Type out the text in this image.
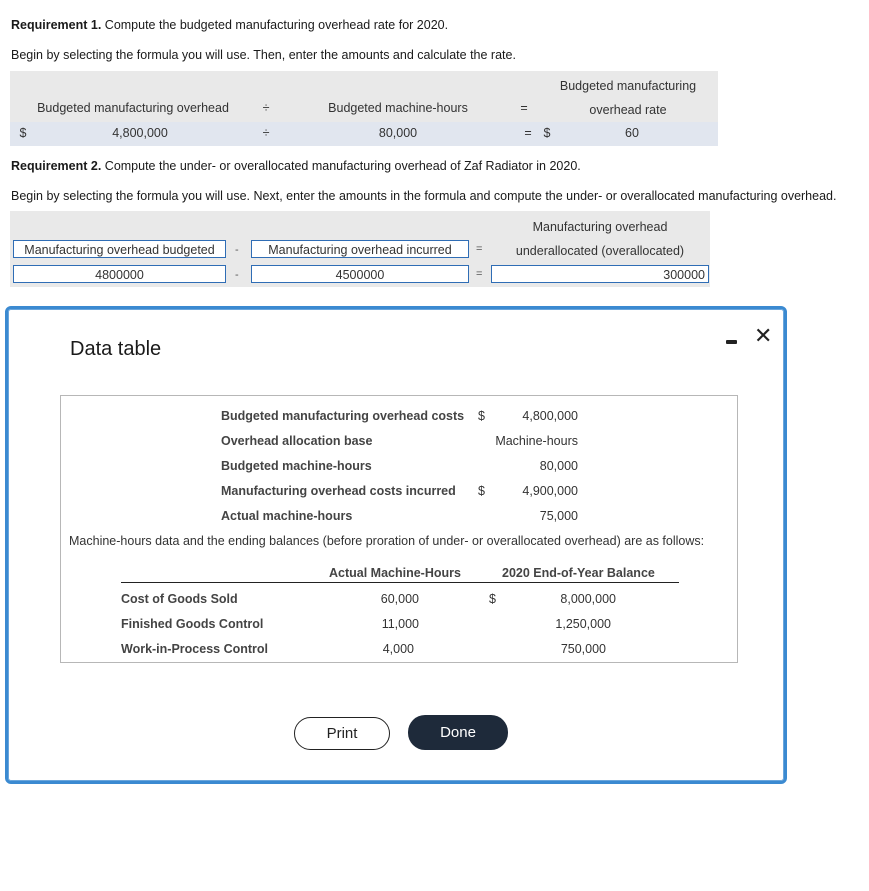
Requirement 1. Compute the budgeted manufacturing overhead rate for 2020.
Begin by selecting the formula you will use. Then, enter the amounts and calculate the rate.
Budgeted manufacturing overhead	÷	Budgeted machine-hours	=
Budgeted manufacturing
overhead rate
$	4,800,000	÷	80,000	= $	60
Requirement 2. Compute the under- or overallocated manufacturing overhead of Zaf Radiator in 2020.
Begin by selecting the formula you will use. Next, enter the amounts in the formula and compute the under- or overallocated manufacturing overhead.
Manufacturing overhead budgeted	-	Manufacturing overhead incurred	=
Manufacturing overhead
underallocated (overallocated)
4800000	-	4500000	=	300000
Data table
✕
Budgeted manufacturing overhead costs $	4,800,000
Overhead allocation base	Machine-hours
Budgeted machine-hours	80,000
Manufacturing overhead costs incurred $	4,900,000
Actual machine-hours	75,000
Machine-hours data and the ending balances (before proration of under- or overallocated overhead) are as follows:
Actual Machine-Hours	2020 End-of-Year Balance
Cost of Goods Sold	60,000	$	8,000,000
Finished Goods Control	11,000	1,250,000
Work-in-Process Control	4,000	750,000
Print	Done
